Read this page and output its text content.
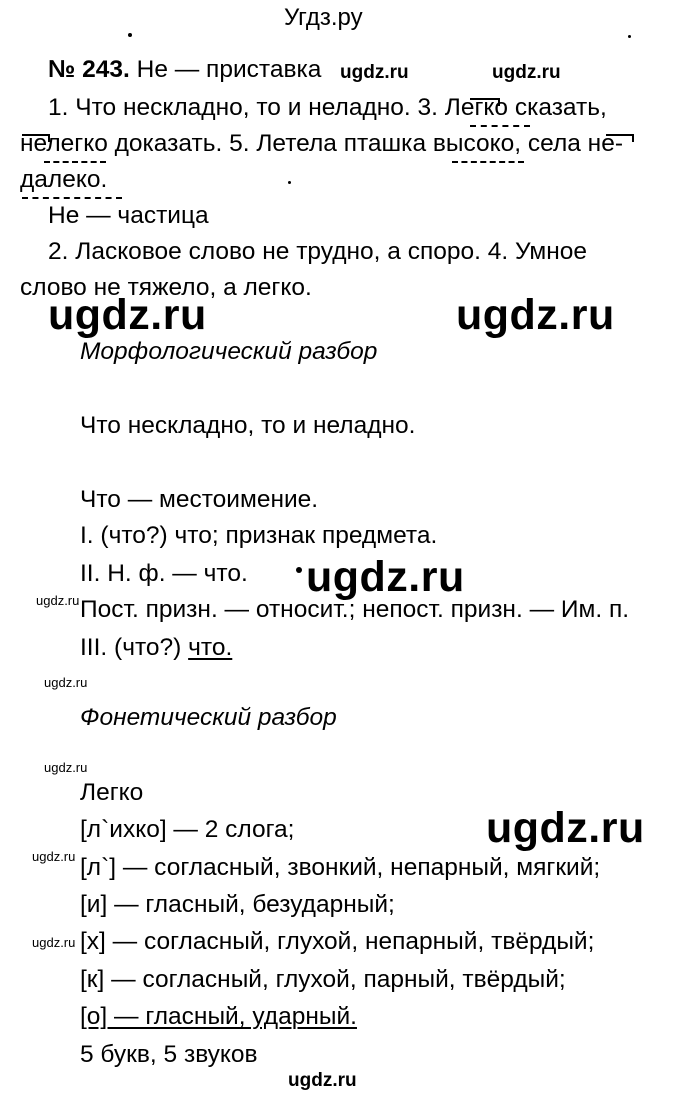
Угдз.ру
№ 243. Не — приставка ugdz.ru	ugdz.ru
1. Что нескладно, то и неладно. 3. Легко сказать,
нелегко доказать. 5. Летела пташка высоко, села не-
далеко.
Не — частица
2. Ласковое слово не трудно, а споро. 4. Умное
слово не тяжело, а легко.
ugdz.ru	ugdz.ru
Морфологический разбор
Что нескладно, то и неладно.
Что — местоимение.
I. (что?) что; признак предмета.
II. Н. ф. — что. ugdz.ru
ugdz.ru Пост. призн. — относит.; непост. призн. — Им. п.
III. (что?) что.
ugdz.ru
Фонетический разбор
ugdz.ru
Легко
[л`ихко] — 2 слога;	ugdz.ru
ugdz.ru [л`] — согласный, звонкий, непарный, мягкий;
[и] — гласный, безударный;
ugdz.ru [х] — согласный, глухой, непарный, твёрдый;
[к] — согласный, глухой, парный, твёрдый;
[о] — гласный, ударный.
5 букв, 5 звуков
ugdz.ru
